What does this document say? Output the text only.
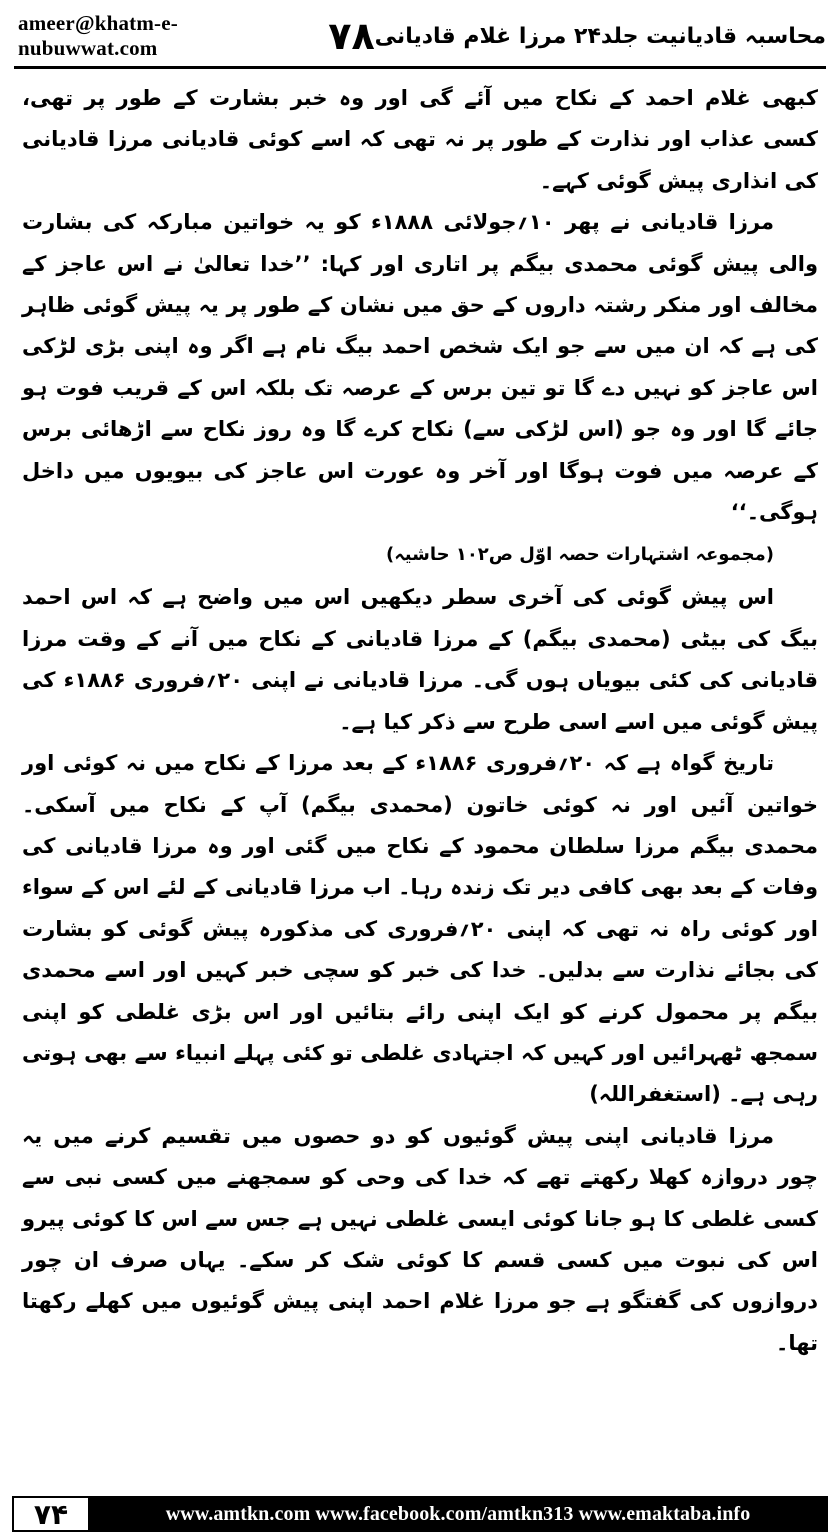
ameer@khatm-e-nubuwwat.com	۷۸ محاسبہ قادیانیت جلد۲۴ مرزا غلام قادیانی

کبھی غلام احمد کے نکاح میں آئے گی اور وہ خبر بشارت کے طور پر تھی، کسی عذاب اور نذارت کے طور پر نہ تھی کہ اسے کوئی قادیانی مرزا قادیانی کی انذاری پیش گوئی کہے۔

مرزا قادیانی نے پھر ۱۰؍جولائی ۱۸۸۸ء کو یہ خواتین مبارکہ کی بشارت والی پیش گوئی محمدی بیگم پر اتاری اور کہا: ’’خدا تعالیٰ نے اس عاجز کے مخالف اور منکر رشتہ داروں کے حق میں نشان کے طور پر یہ پیش گوئی ظاہر کی ہے کہ ان میں سے جو ایک شخص احمد بیگ نام ہے اگر وہ اپنی بڑی لڑکی اس عاجز کو نہیں دے گا تو تین برس کے عرصہ تک بلکہ اس کے قریب فوت ہو جائے گا اور وہ جو (اس لڑکی سے) نکاح کرے گا وہ روز نکاح سے اڑھائی برس کے عرصہ میں فوت ہوگا اور آخر وہ عورت اس عاجز کی بیویوں میں داخل ہوگی۔‘‘

(مجموعہ اشتہارات حصہ اوّل ص۱۰۲ حاشیہ)

اس پیش گوئی کی آخری سطر دیکھیں اس میں واضح ہے کہ اس احمد بیگ کی بیٹی (محمدی بیگم) کے مرزا قادیانی کے نکاح میں آنے کے وقت مرزا قادیانی کی کئی بیویاں ہوں گی۔ مرزا قادیانی نے اپنی ۲۰؍فروری ۱۸۸۶ء کی پیش گوئی میں اسے اسی طرح سے ذکر کیا ہے۔

تاریخ گواہ ہے کہ ۲۰؍فروری ۱۸۸۶ء کے بعد مرزا کے نکاح میں نہ کوئی اور خواتین آئیں اور نہ کوئی خاتون (محمدی بیگم) آپ کے نکاح میں آسکی۔ محمدی بیگم مرزا سلطان محمود کے نکاح میں گئی اور وہ مرزا قادیانی کی وفات کے بعد بھی کافی دیر تک زندہ رہا۔ اب مرزا قادیانی کے لئے اس کے سواء اور کوئی راہ نہ تھی کہ اپنی ۲۰؍فروری کی مذکورہ پیش گوئی کو بشارت کی بجائے نذارت سے بدلیں۔ خدا کی خبر کو سچی خبر کہیں اور اسے محمدی بیگم پر محمول کرنے کو ایک اپنی رائے بتائیں اور اس بڑی غلطی کو اپنی سمجھ ٹھہرائیں اور کہیں کہ اجتہادی غلطی تو کئی پہلے انبیاء سے بھی ہوتی رہی ہے۔ (استغفراللہ)

مرزا قادیانی اپنی پیش گوئیوں کو دو حصوں میں تقسیم کرنے میں یہ چور دروازہ کھلا رکھتے تھے کہ خدا کی وحی کو سمجھنے میں کسی نبی سے کسی غلطی کا ہو جانا کوئی ایسی غلطی نہیں ہے جس سے اس کا کوئی پیرو اس کی نبوت میں کسی قسم کا کوئی شک کر سکے۔ یہاں صرف ان چور دروازوں کی گفتگو ہے جو مرزا غلام احمد اپنی پیش گوئیوں میں کھلے رکھتا تھا۔

۷۴	www.amtkn.com www.facebook.com/amtkn313 www.emaktaba.info
